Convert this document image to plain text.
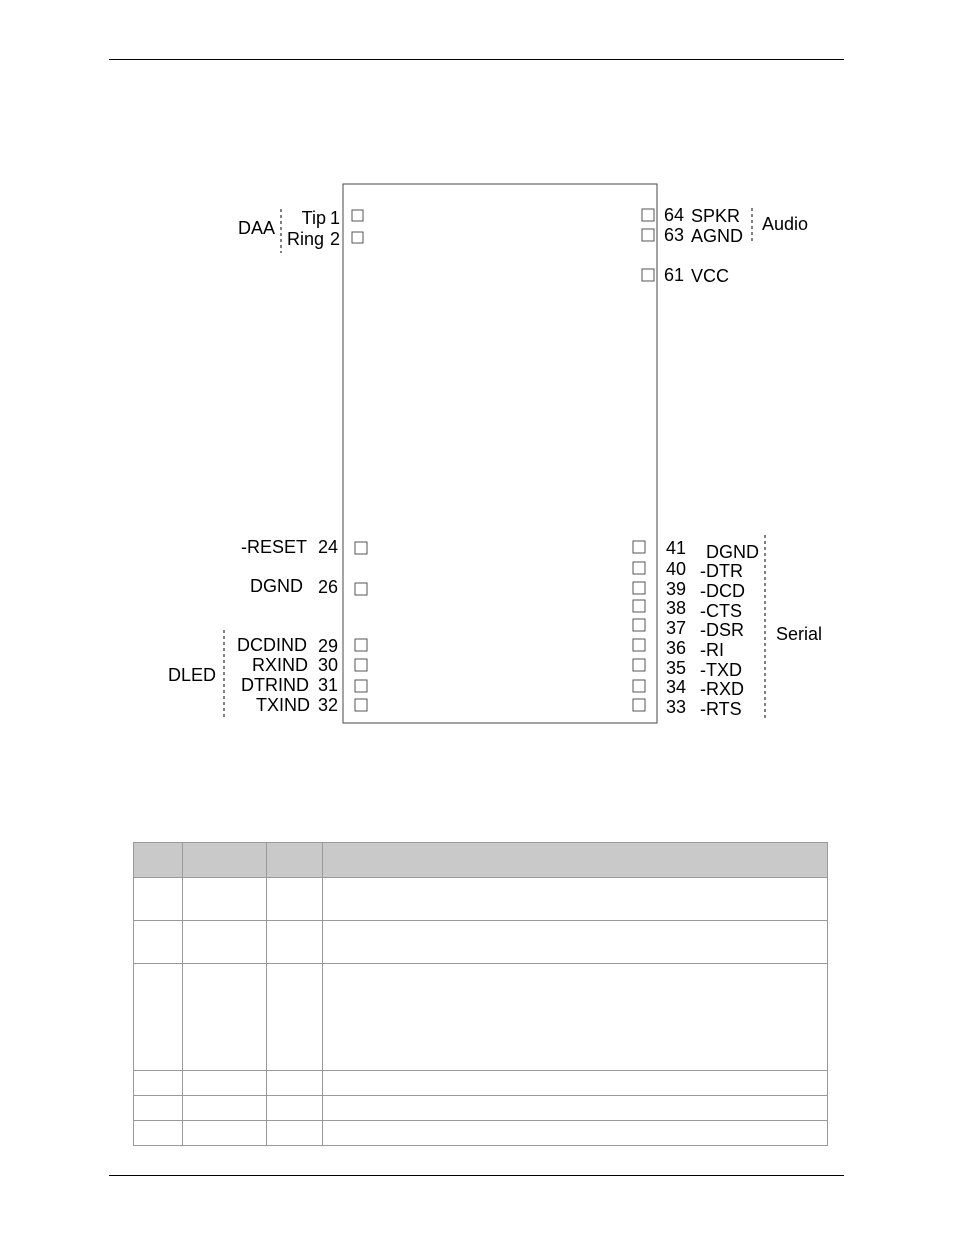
DAA	Audio
DLED
Serial
Tip 1
Ring 2
-RESET 24
DGND 26
DCDIND 29
RXIND 30
DTRIND 31
TXIND 32
64 SPKR
63 AGND
61 VCC
41 DGND
40 -DTR
39 -DCD
38 -CTS
37 -DSR
36 -RI
35 -TXD
34 -RXD
33 -RTS
